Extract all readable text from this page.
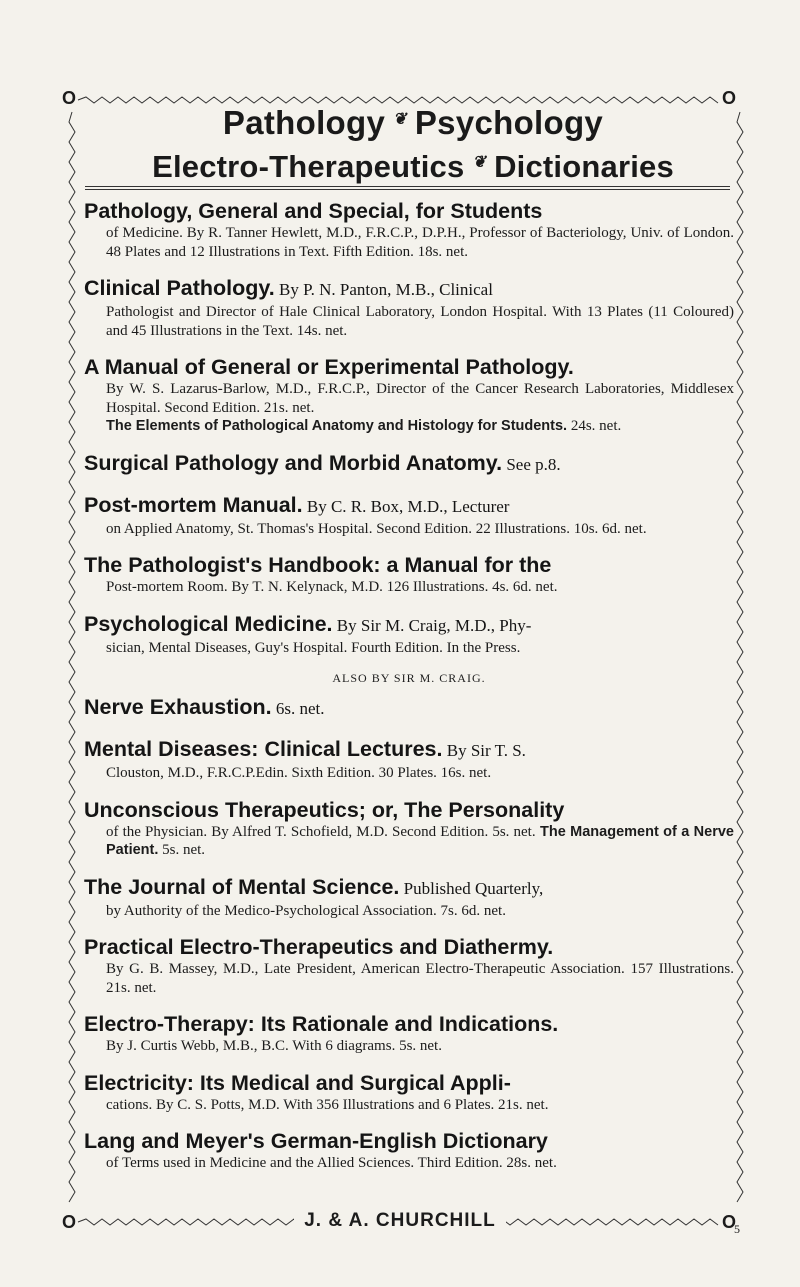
O	O
O	O
Pathology ❦ Psychology
Electro-Therapeutics ❦ Dictionaries
Pathology, General and Special, for Students
of Medicine. By R. Tanner Hewlett, M.D., F.R.C.P., D.P.H., Professor of Bacteriology, Univ. of London. 48 Plates and 12 Illustrations in Text. Fifth Edition. 18s. net.
Clinical Pathology. By P. N. Panton, M.B., Clinical
Pathologist and Director of Hale Clinical Laboratory, London Hospital. With 13 Plates (11 Coloured) and 45 Illustrations in the Text. 14s. net.
A Manual of General or Experimental Pathology.
By W. S. Lazarus-Barlow, M.D., F.R.C.P., Director of the Cancer Research Laboratories, Middlesex Hospital. Second Edition. 21s. net.
The Elements of Pathological Anatomy and Histology for Students. 24s. net.
Surgical Pathology and Morbid Anatomy. See p.8.
Post-mortem Manual. By C. R. Box, M.D., Lecturer
on Applied Anatomy, St. Thomas's Hospital. Second Edition. 22 Illustrations. 10s. 6d. net.
The Pathologist's Handbook: a Manual for the
Post-mortem Room. By T. N. Kelynack, M.D. 126 Illustrations. 4s. 6d. net.
Psychological Medicine. By Sir M. Craig, M.D., Phy-
sician, Mental Diseases, Guy's Hospital. Fourth Edition. In the Press.
ALSO BY SIR M. CRAIG.
Nerve Exhaustion. 6s. net.
Mental Diseases: Clinical Lectures. By Sir T. S.
Clouston, M.D., F.R.C.P.Edin. Sixth Edition. 30 Plates. 16s. net.
Unconscious Therapeutics; or, The Personality
of the Physician. By Alfred T. Schofield, M.D. Second Edition. 5s. net. The Management of a Nerve Patient. 5s. net.
The Journal of Mental Science. Published Quarterly,
by Authority of the Medico-Psychological Association. 7s. 6d. net.
Practical Electro-Therapeutics and Diathermy.
By G. B. Massey, M.D., Late President, American Electro-Therapeutic Association. 157 Illustrations. 21s. net.
Electro-Therapy: Its Rationale and Indications.
By J. Curtis Webb, M.B., B.C. With 6 diagrams. 5s. net.
Electricity: Its Medical and Surgical Appli-
cations. By C. S. Potts, M.D. With 356 Illustrations and 6 Plates. 21s. net.
Lang and Meyer's German-English Dictionary
of Terms used in Medicine and the Allied Sciences. Third Edition. 28s. net.
J. & A. CHURCHILL	5
